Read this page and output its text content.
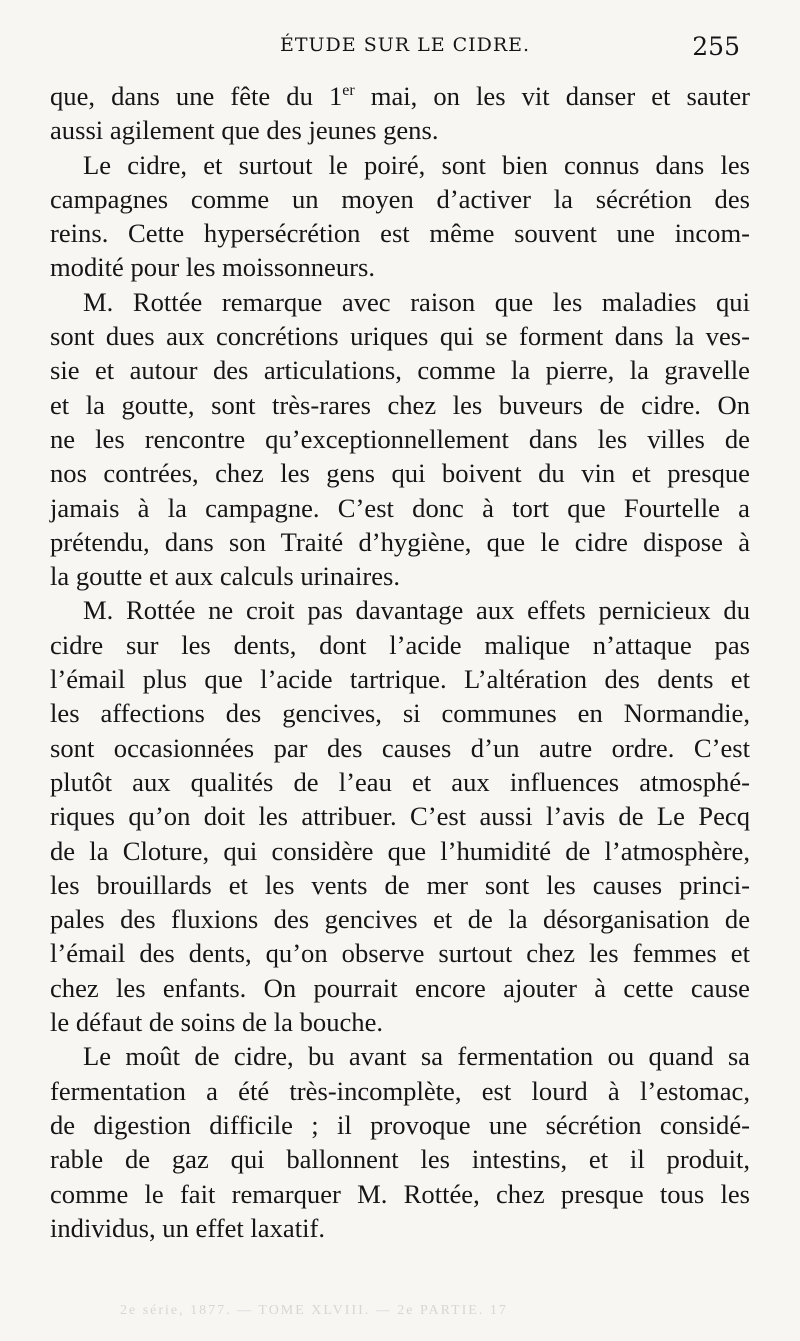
ÉTUDE SUR LE CIDRE.	255

que, dans une fête du 1er mai, on les vit danser et sauter
aussi agilement que des jeunes gens.

Le cidre, et surtout le poiré, sont bien connus dans les
campagnes comme un moyen d’activer la sécrétion des
reins. Cette hypersécrétion est même souvent une incom-
modité pour les moissonneurs.

M. Rottée remarque avec raison que les maladies qui
sont dues aux concrétions uriques qui se forment dans la ves-
sie et autour des articulations, comme la pierre, la gravelle
et la goutte, sont très-rares chez les buveurs de cidre. On
ne les rencontre qu’exceptionnellement dans les villes de
nos contrées, chez les gens qui boivent du vin et presque
jamais à la campagne. C’est donc à tort que Fourtelle a
prétendu, dans son Traité d’hygiène, que le cidre dispose à
la goutte et aux calculs urinaires.

M. Rottée ne croit pas davantage aux effets pernicieux du
cidre sur les dents, dont l’acide malique n’attaque pas
l’émail plus que l’acide tartrique. L’altération des dents et
les affections des gencives, si communes en Normandie,
sont occasionnées par des causes d’un autre ordre. C’est
plutôt aux qualités de l’eau et aux influences atmosphé-
riques qu’on doit les attribuer. C’est aussi l’avis de Le Pecq
de la Cloture, qui considère que l’humidité de l’atmosphère,
les brouillards et les vents de mer sont les causes princi-
pales des fluxions des gencives et de la désorganisation de
l’émail des dents, qu’on observe surtout chez les femmes et
chez les enfants. On pourrait encore ajouter à cette cause
le défaut de soins de la bouche.

Le moût de cidre, bu avant sa fermentation ou quand sa
fermentation a été très-incomplète, est lourd à l’estomac,
de digestion difficile ; il provoque une sécrétion considé-
rable de gaz qui ballonnent les intestins, et il produit,
comme le fait remarquer M. Rottée, chez presque tous les
individus, un effet laxatif.

2e série, 1877. — TOME XLVIII. — 2e PARTIE. 17
